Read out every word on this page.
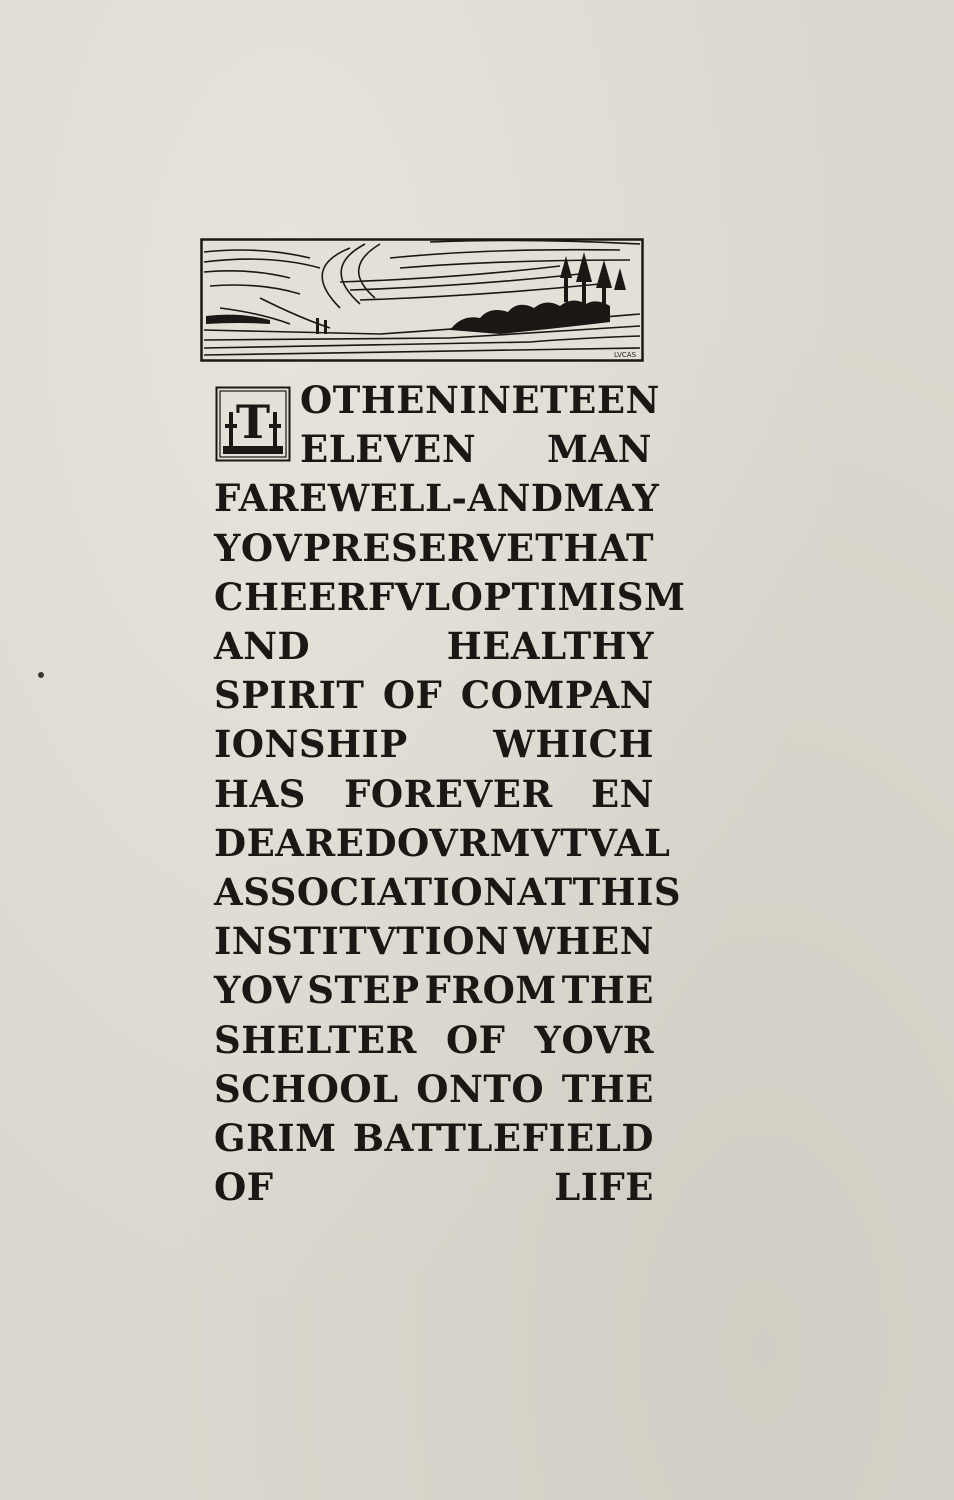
LVCAS
T O THE NINETEEN
ELEVEN MAN
FAREWELL-AND MAY
YOV PRESERVE THAT
CHEERFVL OPTIMISM
AND	HEALTHY
SPIRIT OF COMPAN
IONSHIP WHICH
HAS FOREVER EN
DEARED OVR MVTVAL
ASSOCIATION AT THIS
INSTITVTION WHEN
YOV STEP FROM THE
SHELTER OF YOVR
SCHOOL ONTO THE
GRIM BATTLEFIELD
OF	LIFE
